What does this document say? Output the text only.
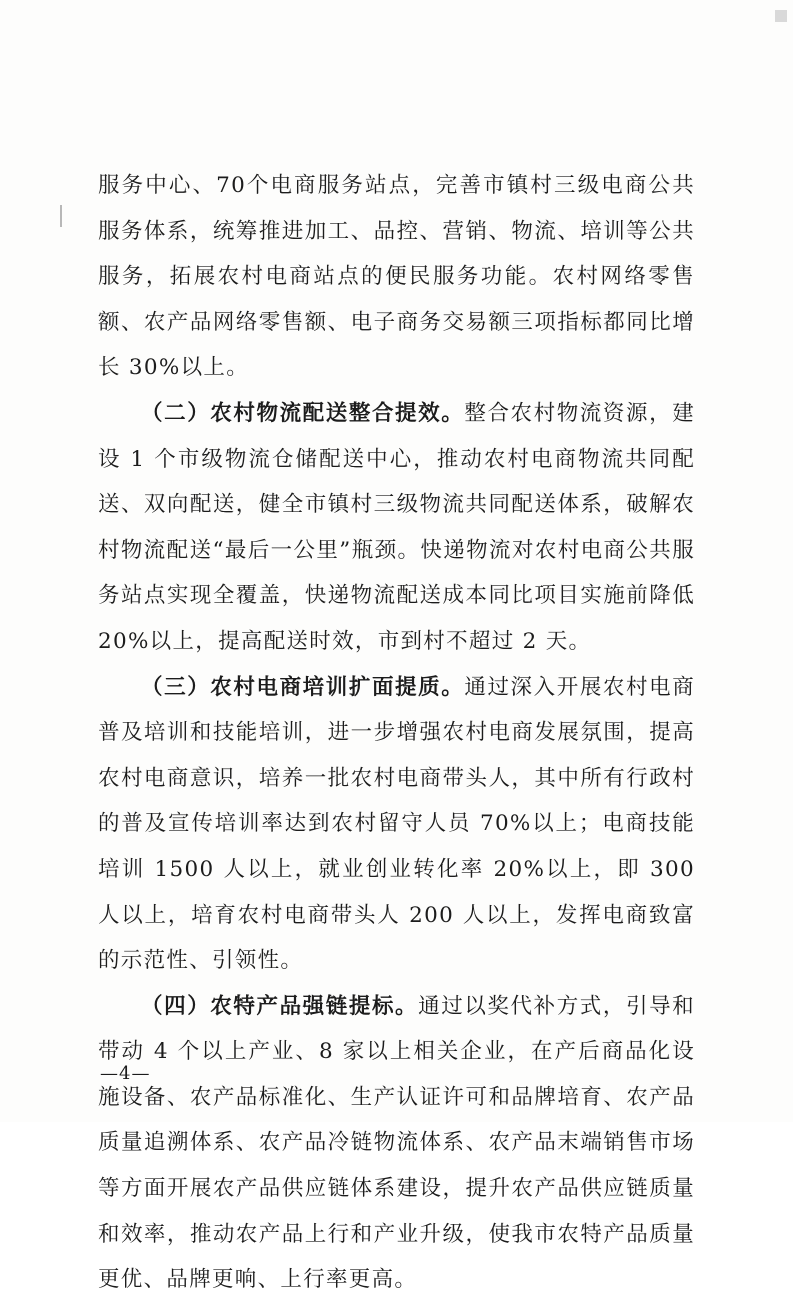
服务中心、70个电商服务站点，完善市镇村三级电商公共服务体系，统筹推进加工、品控、营销、物流、培训等公共服务，拓展农村电商站点的便民服务功能。农村网络零售额、农产品网络零售额、电子商务交易额三项指标都同比增长 30%以上。

（二）农村物流配送整合提效。整合农村物流资源，建设 1 个市级物流仓储配送中心，推动农村电商物流共同配送、双向配送，健全市镇村三级物流共同配送体系，破解农村物流配送“最后一公里”瓶颈。快递物流对农村电商公共服务站点实现全覆盖，快递物流配送成本同比项目实施前降低 20%以上，提高配送时效，市到村不超过 2 天。

（三）农村电商培训扩面提质。通过深入开展农村电商普及培训和技能培训，进一步增强农村电商发展氛围，提高农村电商意识，培养一批农村电商带头人，其中所有行政村的普及宣传培训率达到农村留守人员 70%以上；电商技能培训 1500 人以上，就业创业转化率 20%以上，即 300 人以上，培育农村电商带头人 200 人以上，发挥电商致富的示范性、引领性。

（四）农特产品强链提标。通过以奖代补方式，引导和带动 4 个以上产业、8 家以上相关企业，在产后商品化设施设备、农产品标准化、生产认证许可和品牌培育、农产品质量追溯体系、农产品冷链物流体系、农产品末端销售市场等方面开展农产品供应链体系建设，提升农产品供应链质量和效率，推动农产品上行和产业升级，使我市农特产品质量更优、品牌更响、上行率更高。

—4—
